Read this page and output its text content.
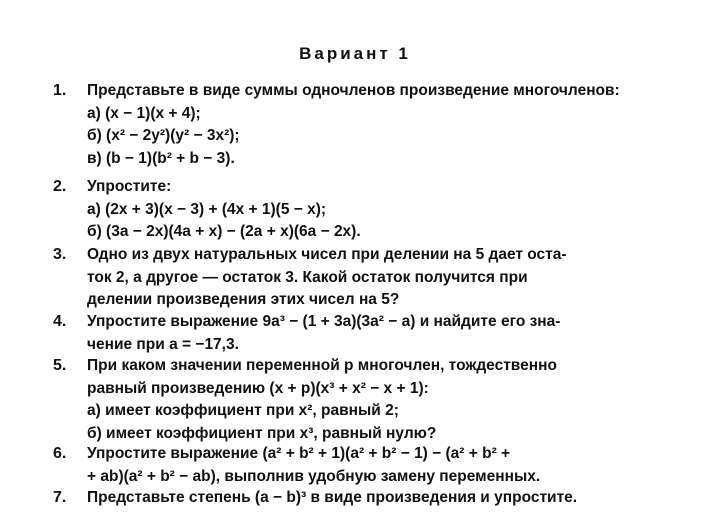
Вариант 1
1.	Представьте в виде суммы одночленов произведение многочленов:
а) (x − 1)(x + 4);
б) (x² − 2y²)(y² − 3x²);
в) (b − 1)(b² + b − 3).
2.	Упростите:
а) (2x + 3)(x − 3) + (4x + 1)(5 − x);
б) (3a − 2x)(4a + x) − (2a + x)(6a − 2x).
3.	Одно из двух натуральных чисел при делении на 5 дает оста-
ток 2, а другое — остаток 3. Какой остаток получится при
делении произведения этих чисел на 5?
4.	Упростите выражение 9a³ − (1 + 3a)(3a² − a) и найдите его зна-
чение при a = −17,3.
5.	При каком значении переменной p многочлен, тождественно
равный произведению (x + p)(x³ + x² − x + 1):
а) имеет коэффициент при x², равный 2;
б) имеет коэффициент при x³, равный нулю?
6.	Упростите выражение (a² + b² + 1)(a² + b² − 1) − (a² + b² +
+ ab)(a² + b² − ab), выполнив удобную замену переменных.
7.	Представьте степень (a − b)³ в виде произведения и упростите.
